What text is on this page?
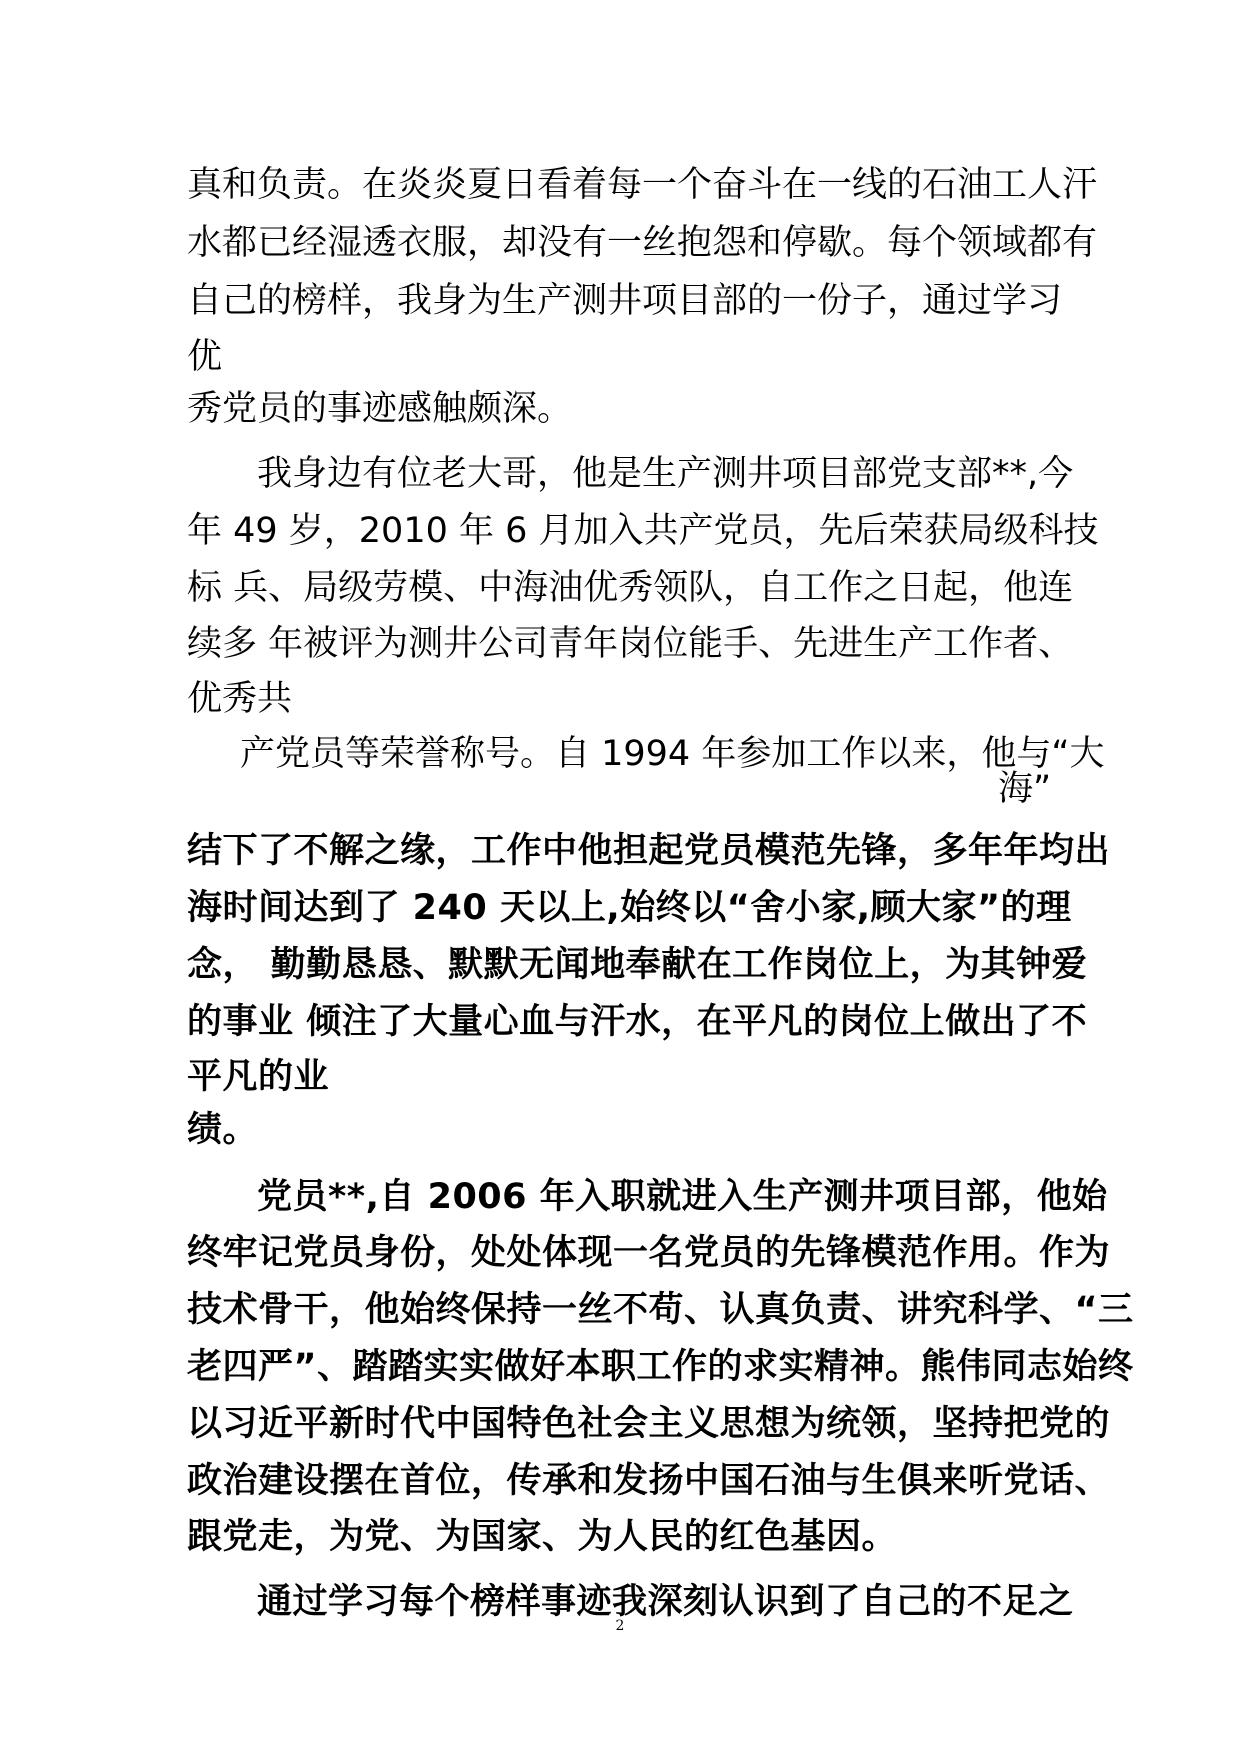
真和负责。在炎炎夏日看着每一个奋斗在一线的石油工人汗
水都已经湿透衣服，却没有一丝抱怨和停歇。每个领域都有
自己的榜样，我身为生产测井项目部的一份子，通过学习
优
秀党员的事迹感触颇深。
我身边有位老大哥，他是生产测井项目部党支部**,今
年 49 岁，2010 年 6 月加入共产党员，先后荣获局级科技
标 兵、局级劳模、中海油优秀领队，自工作之日起，他连
续多 年被评为测井公司青年岗位能手、先进生产工作者、
优秀共
产党员等荣誉称号。自 1994 年参加工作以来，他与“大
海”
结下了不解之缘，工作中他担起党员模范先锋，多年年均出
海时间达到了 240 天以上,始终以“舍小家,顾大家”的理
念， 勤勤恳恳、默默无闻地奉献在工作岗位上，为其钟爱
的事业 倾注了大量心血与汗水，在平凡的岗位上做出了不
平凡的业
绩。
党员**,自 2006 年入职就进入生产测井项目部，他始
终牢记党员身份，处处体现一名党员的先锋模范作用。作为
技术骨干，他始终保持一丝不苟、认真负责、讲究科学、“三
老四严”、踏踏实实做好本职工作的求实精神。熊伟同志始终
以习近平新时代中国特色社会主义思想为统领，坚持把党的
政治建设摆在首位，传承和发扬中国石油与生俱来听党话、
跟党走，为党、为国家、为人民的红色基因。
通过学习每个榜样事迹我深刻认识到了自己的不足之
2
